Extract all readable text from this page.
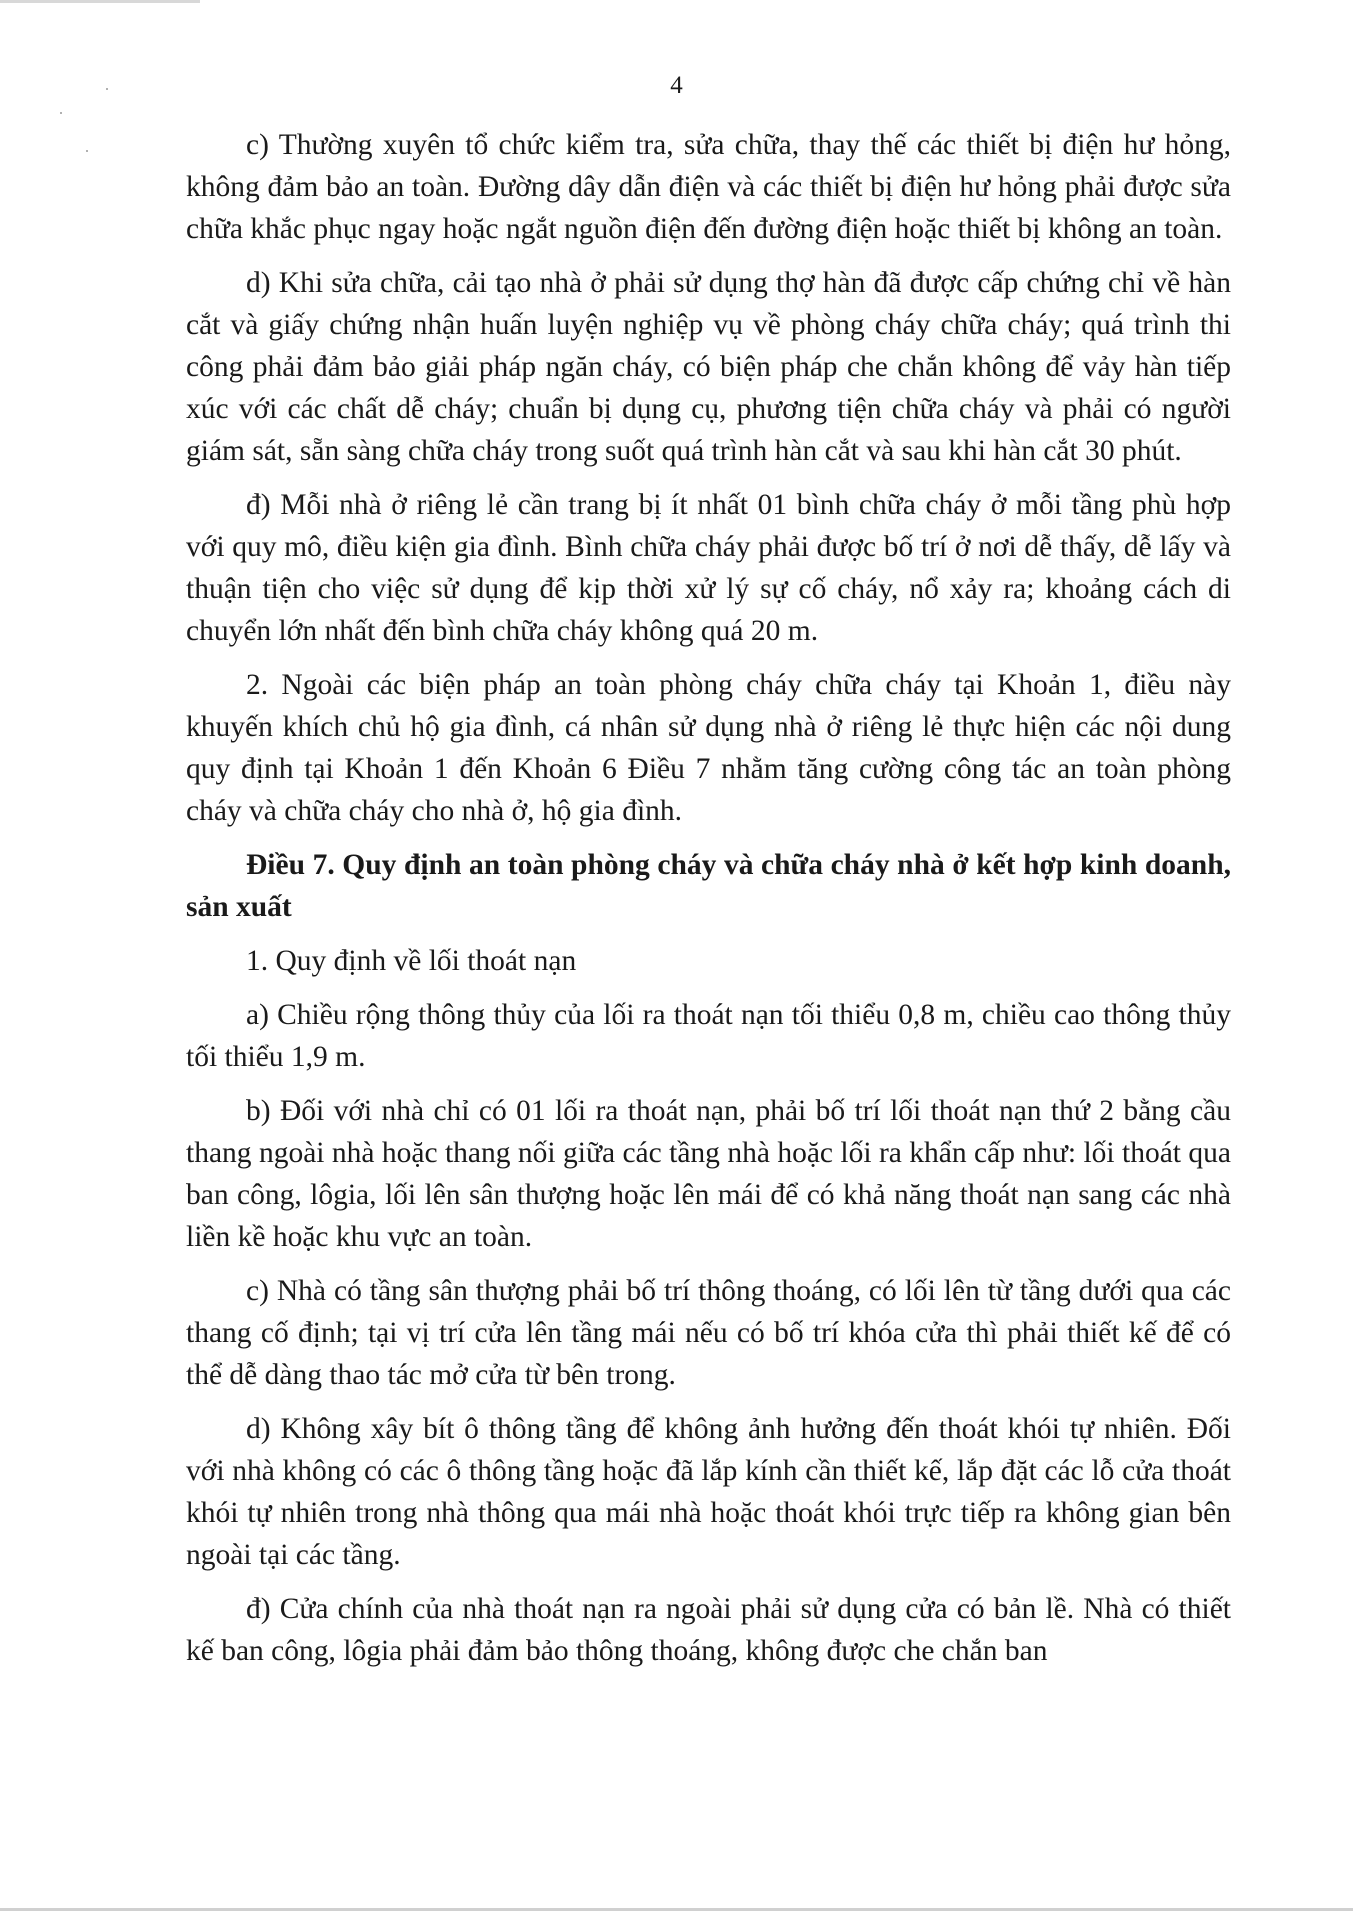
4

c) Thường xuyên tổ chức kiểm tra, sửa chữa, thay thế các thiết bị điện hư hỏng, không đảm bảo an toàn. Đường dây dẫn điện và các thiết bị điện hư hỏng phải được sửa chữa khắc phục ngay hoặc ngắt nguồn điện đến đường điện hoặc thiết bị không an toàn.

d) Khi sửa chữa, cải tạo nhà ở phải sử dụng thợ hàn đã được cấp chứng chỉ về hàn cắt và giấy chứng nhận huấn luyện nghiệp vụ về phòng cháy chữa cháy; quá trình thi công phải đảm bảo giải pháp ngăn cháy, có biện pháp che chắn không để vảy hàn tiếp xúc với các chất dễ cháy; chuẩn bị dụng cụ, phương tiện chữa cháy và phải có người giám sát, sẵn sàng chữa cháy trong suốt quá trình hàn cắt và sau khi hàn cắt 30 phút.

đ) Mỗi nhà ở riêng lẻ cần trang bị ít nhất 01 bình chữa cháy ở mỗi tầng phù hợp với quy mô, điều kiện gia đình. Bình chữa cháy phải được bố trí ở nơi dễ thấy, dễ lấy và thuận tiện cho việc sử dụng để kịp thời xử lý sự cố cháy, nổ xảy ra; khoảng cách di chuyển lớn nhất đến bình chữa cháy không quá 20 m.

2. Ngoài các biện pháp an toàn phòng cháy chữa cháy tại Khoản 1, điều này khuyến khích chủ hộ gia đình, cá nhân sử dụng nhà ở riêng lẻ thực hiện các nội dung quy định tại Khoản 1 đến Khoản 6 Điều 7 nhằm tăng cường công tác an toàn phòng cháy và chữa cháy cho nhà ở, hộ gia đình.

Điều 7. Quy định an toàn phòng cháy và chữa cháy nhà ở kết hợp kinh doanh, sản xuất

1. Quy định về lối thoát nạn

a) Chiều rộng thông thủy của lối ra thoát nạn tối thiểu 0,8 m, chiều cao thông thủy tối thiểu 1,9 m.

b) Đối với nhà chỉ có 01 lối ra thoát nạn, phải bố trí lối thoát nạn thứ 2 bằng cầu thang ngoài nhà hoặc thang nối giữa các tầng nhà hoặc lối ra khẩn cấp như: lối thoát qua ban công, lôgia, lối lên sân thượng hoặc lên mái để có khả năng thoát nạn sang các nhà liền kề hoặc khu vực an toàn.

c) Nhà có tầng sân thượng phải bố trí thông thoáng, có lối lên từ tầng dưới qua các thang cố định; tại vị trí cửa lên tầng mái nếu có bố trí khóa cửa thì phải thiết kế để có thể dễ dàng thao tác mở cửa từ bên trong.

d) Không xây bít ô thông tầng để không ảnh hưởng đến thoát khói tự nhiên. Đối với nhà không có các ô thông tầng hoặc đã lắp kính cần thiết kế, lắp đặt các lỗ cửa thoát khói tự nhiên trong nhà thông qua mái nhà hoặc thoát khói trực tiếp ra không gian bên ngoài tại các tầng.

đ) Cửa chính của nhà thoát nạn ra ngoài phải sử dụng cửa có bản lề. Nhà có thiết kế ban công, lôgia phải đảm bảo thông thoáng, không được che chắn ban
